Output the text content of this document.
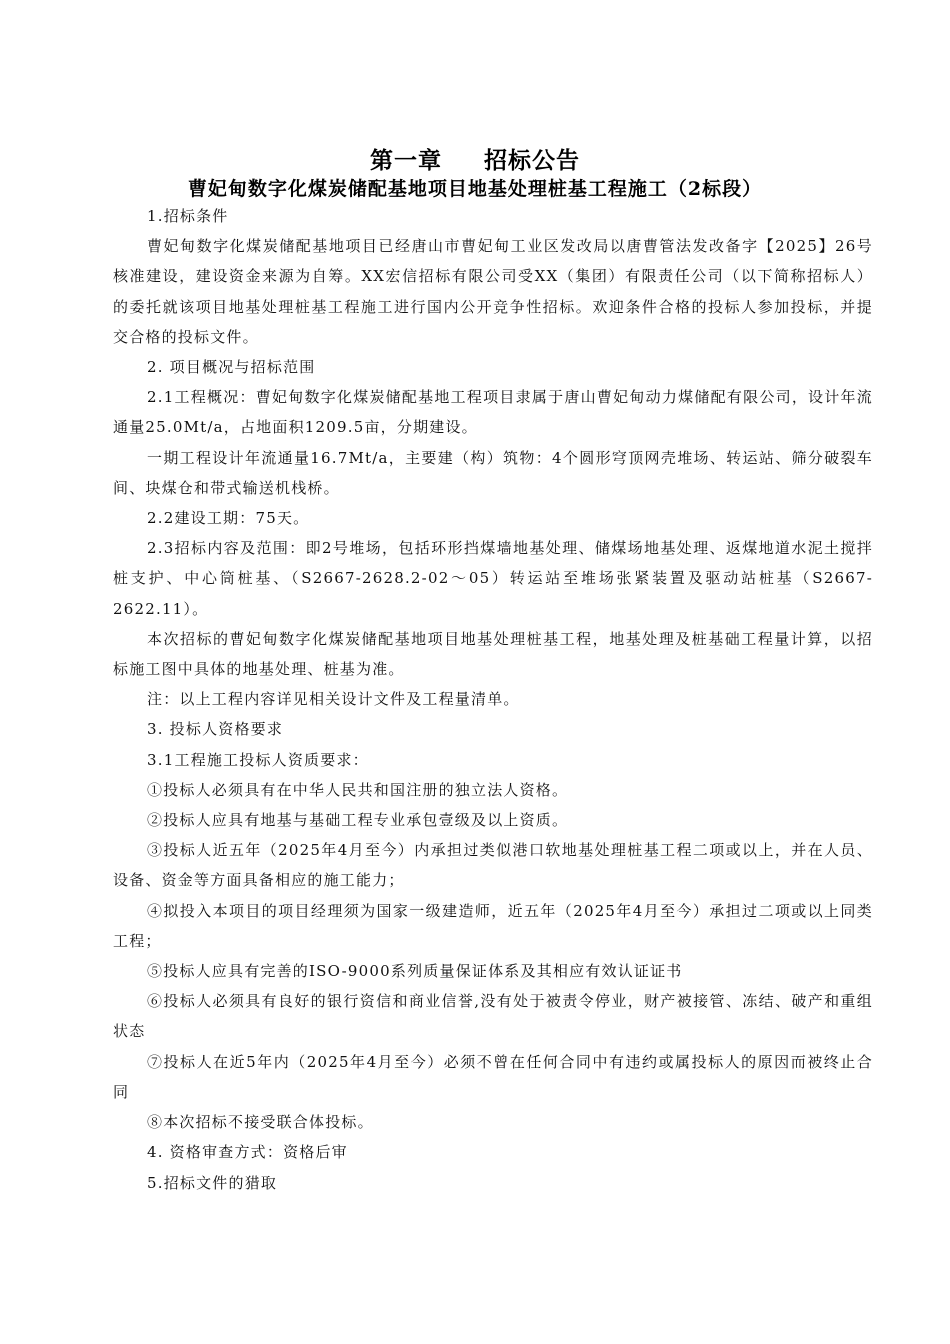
第一章 招标公告
曹妃甸数字化煤炭储配基地项目地基处理桩基工程施工（2标段）

1.招标条件

曹妃甸数字化煤炭储配基地项目已经唐山市曹妃甸工业区发改局以唐曹管法发改备字【2025】26号核准建设，建设资金来源为自筹。XX宏信招标有限公司受XX（集团）有限责任公司（以下简称招标人）的委托就该项目地基处理桩基工程施工进行国内公开竞争性招标。欢迎条件合格的投标人参加投标，并提交合格的投标文件。

2. 项目概况与招标范围

2.1工程概况：曹妃甸数字化煤炭储配基地工程项目隶属于唐山曹妃甸动力煤储配有限公司，设计年流通量25.0Mt/a，占地面积1209.5亩，分期建设。

一期工程设计年流通量16.7Mt/a，主要建（构）筑物：4个圆形穹顶网壳堆场、转运站、筛分破裂车间、块煤仓和带式输送机栈桥。

2.2建设工期：75天。

2.3招标内容及范围：即2号堆场，包括环形挡煤墙地基处理、储煤场地基处理、返煤地道水泥土搅拌桩支护、中心筒桩基、（S2667-2628.2-02～05）转运站至堆场张紧装置及驱动站桩基（S2667-2622.11）。

本次招标的曹妃甸数字化煤炭储配基地项目地基处理桩基工程，地基处理及桩基础工程量计算，以招标施工图中具体的地基处理、桩基为准。

注：以上工程内容详见相关设计文件及工程量清单。

3. 投标人资格要求

3.1工程施工投标人资质要求：

①投标人必须具有在中华人民共和国注册的独立法人资格。

②投标人应具有地基与基础工程专业承包壹级及以上资质。

③投标人近五年（2025年4月至今）内承担过类似港口软地基处理桩基工程二项或以上，并在人员、设备、资金等方面具备相应的施工能力；

④拟投入本项目的项目经理须为国家一级建造师，近五年（2025年4月至今）承担过二项或以上同类工程；

⑤投标人应具有完善的ISO-9000系列质量保证体系及其相应有效认证证书

⑥投标人必须具有良好的银行资信和商业信誉,没有处于被责令停业，财产被接管、冻结、破产和重组状态

⑦投标人在近5年内（2025年4月至今）必须不曾在任何合同中有违约或属投标人的原因而被终止合同

⑧本次招标不接受联合体投标。

4. 资格审查方式：资格后审

5.招标文件的猎取
